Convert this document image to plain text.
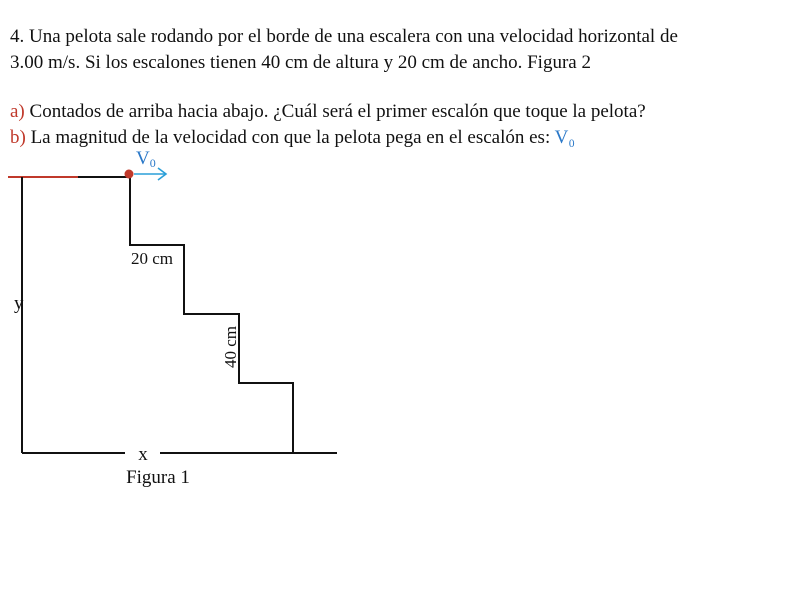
4. Una pelota sale rodando por el borde de una escalera con una velocidad horizontal de
3.00 m/s. Si los escalones tienen 40 cm de altura y 20 cm de ancho. Figura 2
a) Contados de arriba hacia abajo. ¿Cuál será el primer escalón que toque la pelota?
b) La magnitud de la velocidad con que la pelota pega en el escalón es: V₀
V0
20 cm
40 cm
y
x
Figura 1
